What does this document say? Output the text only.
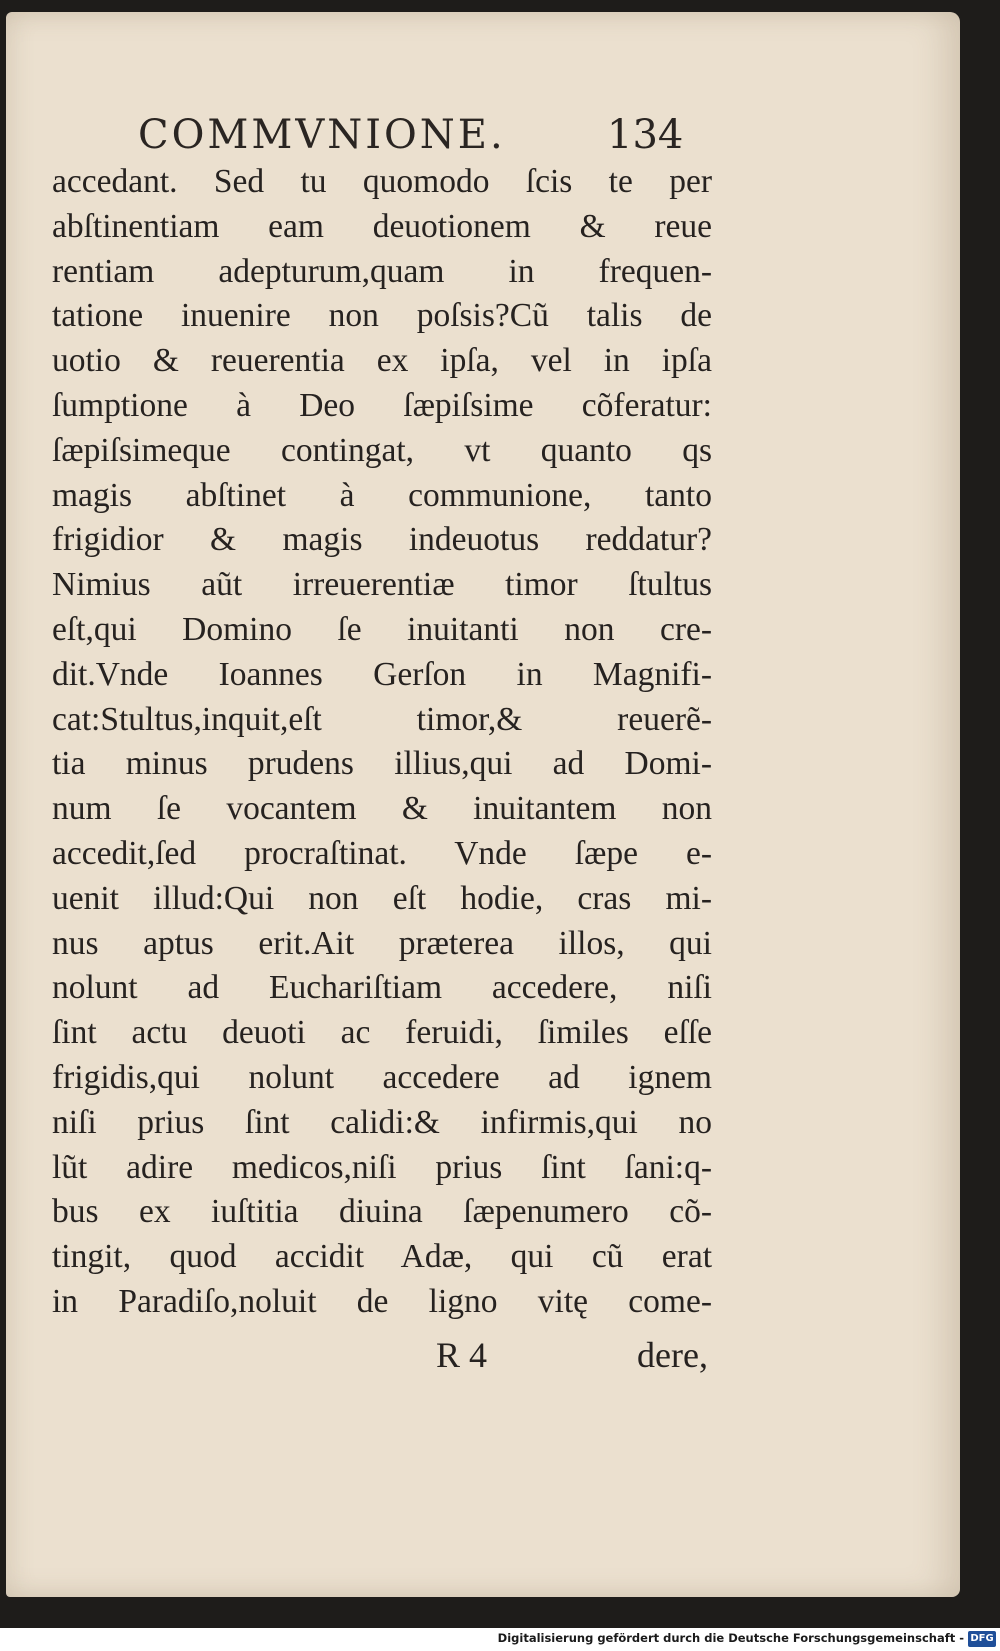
COMMVNIONE.	134
accedant. Sed tu quomodo ſcis te per
abſtinentiam eam deuotionem & reue
rentiam adepturum,quam in frequen-
tatione inuenire non poſsis?Cũ talis de
uotio & reuerentia ex ipſa, vel in ipſa
ſumptione à Deo ſæpiſsime cõferatur:
ſæpiſsimeque contingat, vt quanto qs
magis abſtinet à communione, tanto
frigidior & magis indeuotus reddatur?
Nimius aũt irreuerentiæ timor ſtultus
eſt,qui Domino ſe inuitanti non cre-
dit.Vnde Ioannes Gerſon in Magnifi-
cat:Stultus,inquit,eſt timor,& reuerẽ-
tia minus prudens illius,qui ad Domi-
num ſe vocantem & inuitantem non
accedit,ſed procraſtinat. Vnde ſæpe e-
uenit illud:Qui non eſt hodie, cras mi-
nus aptus erit.Ait præterea illos, qui
nolunt ad Euchariſtiam accedere, niſi
ſint actu deuoti ac feruidi, ſimiles eſſe
frigidis,qui nolunt accedere ad ignem
niſi prius ſint calidi:& infirmis,qui no
lũt adire medicos,niſi prius ſint ſani:q-
bus ex iuſtitia diuina ſæpenumero cõ-
tingit, quod accidit Adæ, qui cũ erat
in Paradiſo,noluit de ligno vitę come-
R 4	dere,
Digitalisierung gefördert durch die Deutsche Forschungsgemeinschaft - DFG
